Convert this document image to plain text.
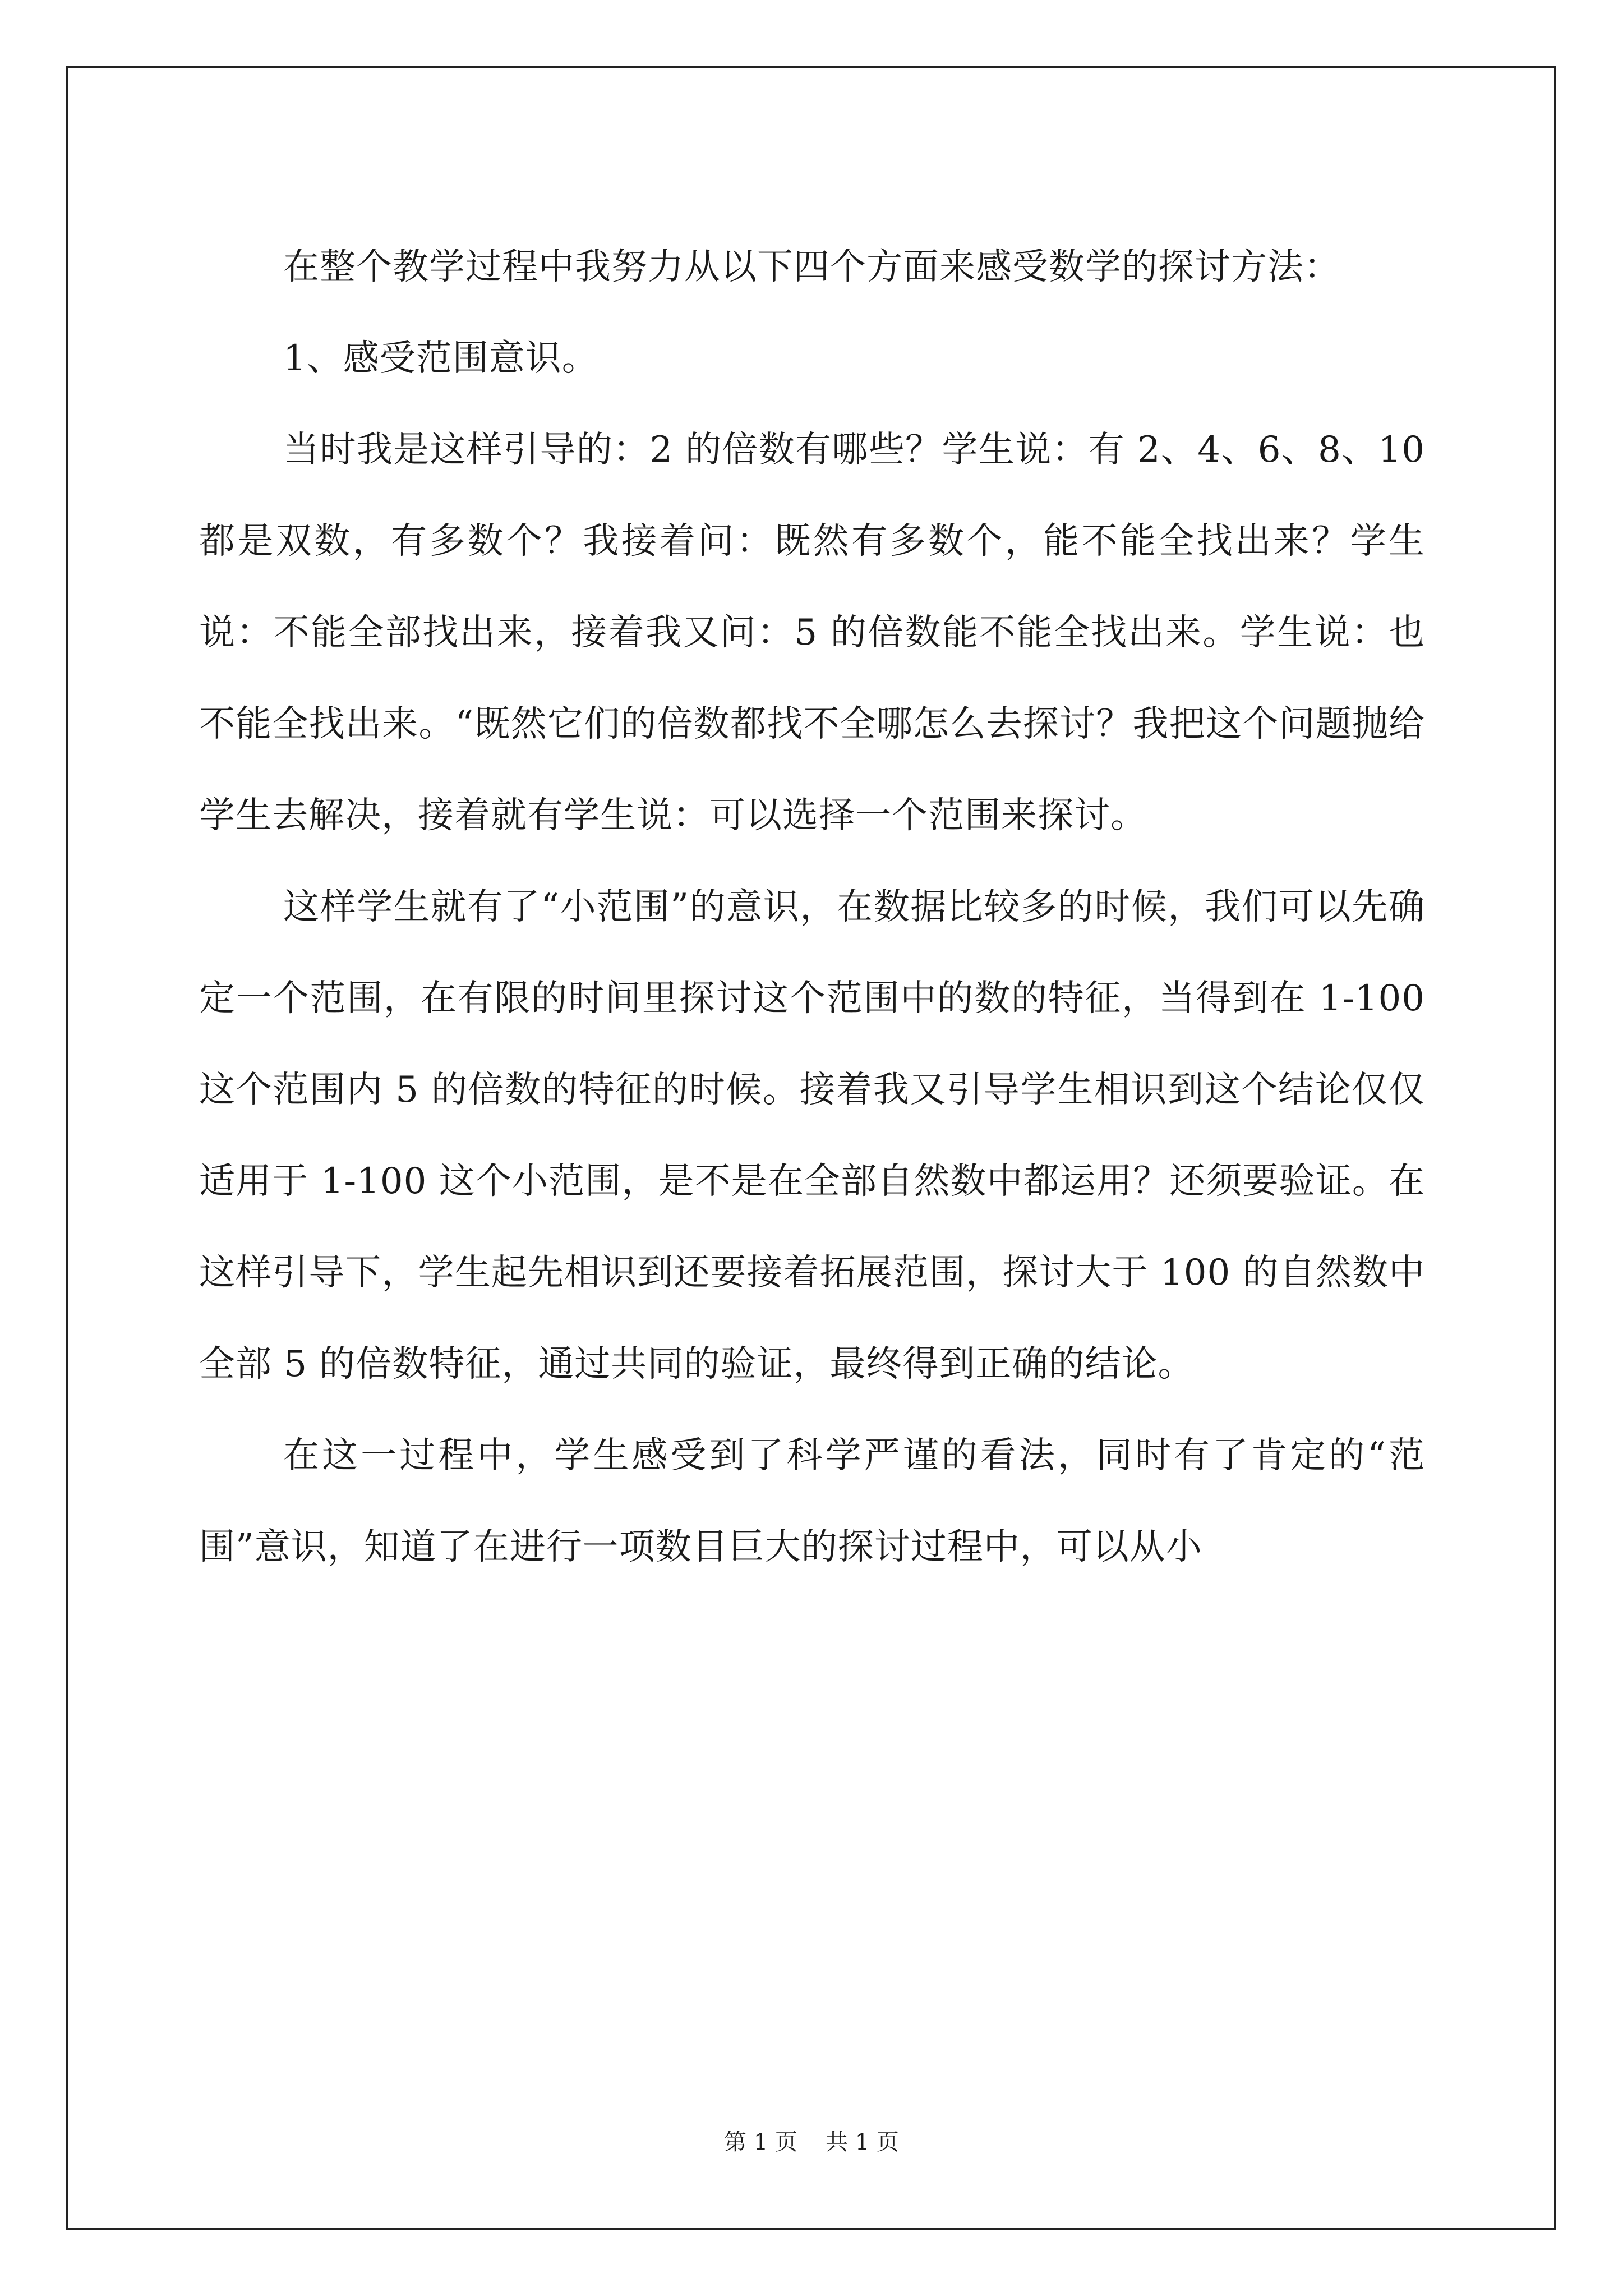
在整个教学过程中我努力从以下四个方面来感受数学的探讨方法：

1、感受范围意识。

当时我是这样引导的：2 的倍数有哪些？学生说：有 2、4、6、8、10 都是双数，有多数个？我接着问：既然有多数个，能不能全找出来？学生说：不能全部找出来，接着我又问：5 的倍数能不能全找出来。学生说：也不能全找出来。“既然它们的倍数都找不全哪怎么去探讨？我把这个问题抛给学生去解决，接着就有学生说：可以选择一个范围来探讨。

这样学生就有了“小范围”的意识，在数据比较多的时候，我们可以先确定一个范围，在有限的时间里探讨这个范围中的数的特征，当得到在 1-100 这个范围内 5 的倍数的特征的时候。接着我又引导学生相识到这个结论仅仅适用于 1-100 这个小范围，是不是在全部自然数中都运用？还须要验证。在这样引导下，学生起先相识到还要接着拓展范围，探讨大于 100 的自然数中全部 5 的倍数特征，通过共同的验证，最终得到正确的结论。

在这一过程中，学生感受到了科学严谨的看法，同时有了肯定的“范围”意识，知道了在进行一项数目巨大的探讨过程中，可以从小

第 1 页 共 1 页
